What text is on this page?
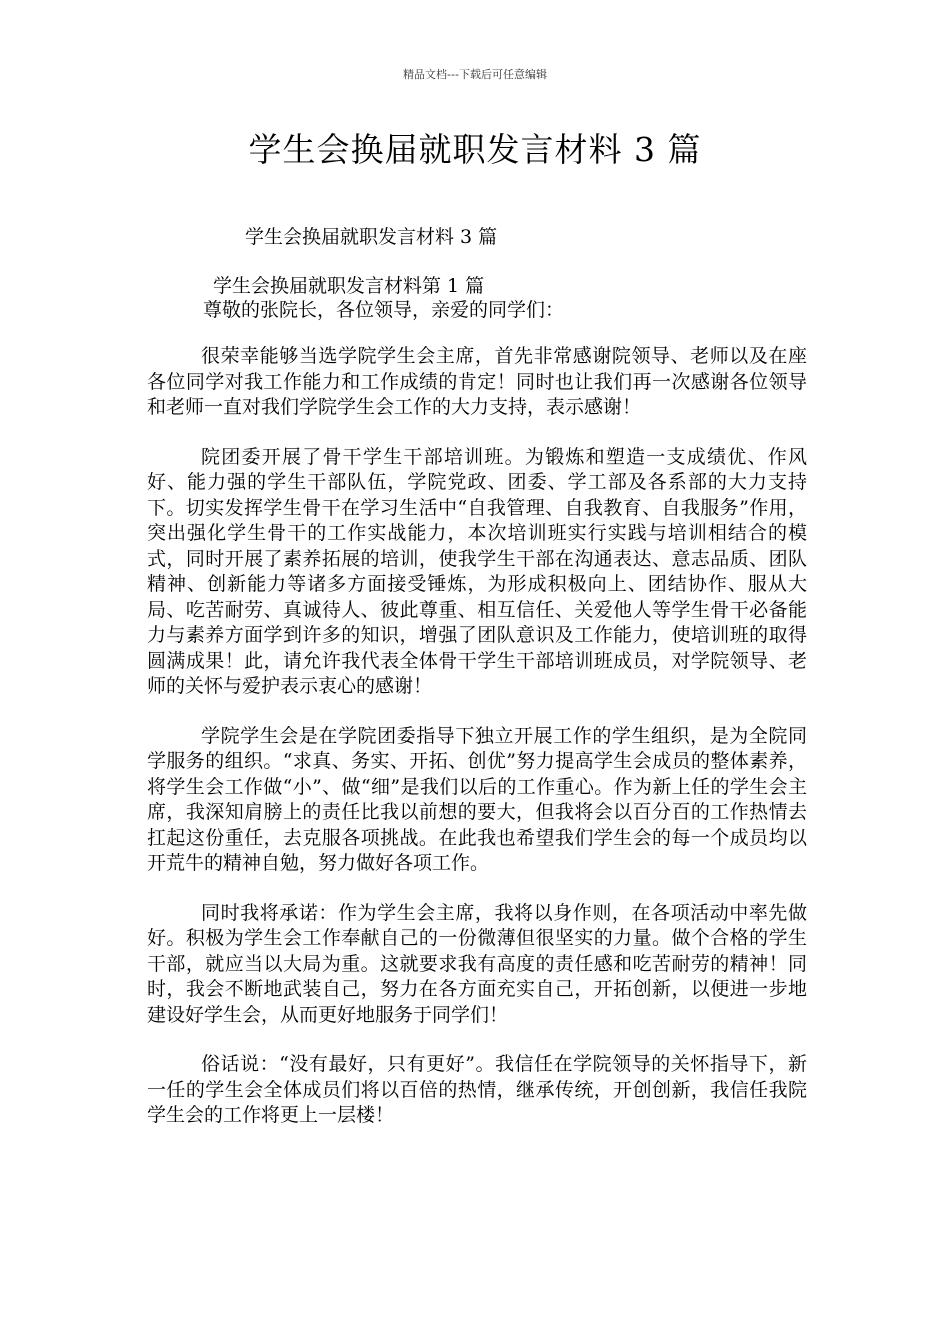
精品文档---下载后可任意编辑
学生会换届就职发言材料 3 篇
学生会换届就职发言材料 3 篇
学生会换届就职发言材料第 1 篇
尊敬的张院长，各位领导，亲爱的同学们：

很荣幸能够当选学院学生会主席，首先非常感谢院领导、老师以及在座各位同学对我工作能力和工作成绩的肯定！同时也让我们再一次感谢各位领导和老师一直对我们学院学生会工作的大力支持，表示感谢！

院团委开展了骨干学生干部培训班。为锻炼和塑造一支成绩优、作风好、能力强的学生干部队伍，学院党政、团委、学工部及各系部的大力支持下。切实发挥学生骨干在学习生活中“自我管理、自我教育、自我服务”作用，突出强化学生骨干的工作实战能力，本次培训班实行实践与培训相结合的模式，同时开展了素养拓展的培训，使我学生干部在沟通表达、意志品质、团队精神、创新能力等诸多方面接受锤炼，为形成积极向上、团结协作、服从大局、吃苦耐劳、真诚待人、彼此尊重、相互信任、关爱他人等学生骨干必备能力与素养方面学到许多的知识，增强了团队意识及工作能力，使培训班的取得圆满成果！此，请允许我代表全体骨干学生干部培训班成员，对学院领导、老师的关怀与爱护表示衷心的感谢！

学院学生会是在学院团委指导下独立开展工作的学生组织，是为全院同学服务的组织。“求真、务实、开拓、创优”努力提高学生会成员的整体素养，将学生会工作做“小”、做“细”是我们以后的工作重心。作为新上任的学生会主席，我深知肩膀上的责任比我以前想的要大，但我将会以百分百的工作热情去扛起这份重任，去克服各项挑战。在此我也希望我们学生会的每一个成员均以开荒牛的精神自勉，努力做好各项工作。

同时我将承诺：作为学生会主席，我将以身作则，在各项活动中率先做好。积极为学生会工作奉献自己的一份微薄但很坚实的力量。做个合格的学生干部，就应当以大局为重。这就要求我有高度的责任感和吃苦耐劳的精神！同时，我会不断地武装自己，努力在各方面充实自己，开拓创新，以便进一步地建设好学生会，从而更好地服务于同学们！

俗话说：“没有最好，只有更好”。我信任在学院领导的关怀指导下，新一任的学生会全体成员们将以百倍的热情，继承传统，开创创新，我信任我院学生会的工作将更上一层楼！
